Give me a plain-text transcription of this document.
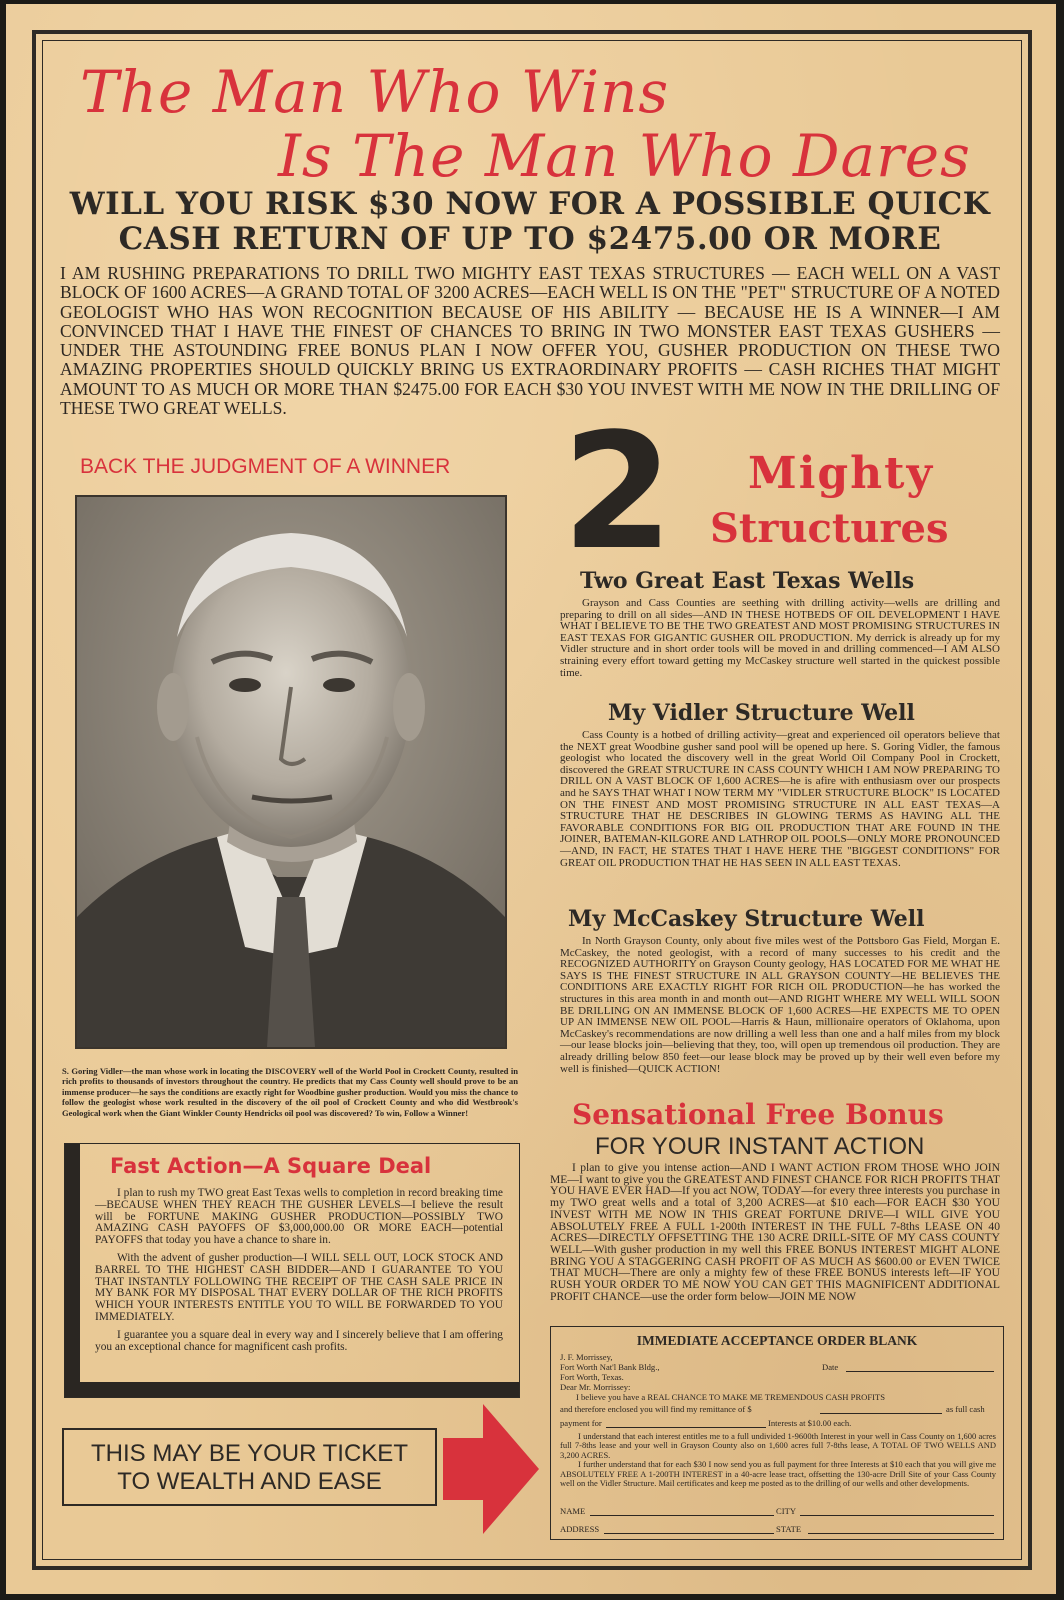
The Man Who Wins
Is The Man Who Dares
WILL YOU RISK $30 NOW FOR A POSSIBLE QUICK
CASH RETURN OF UP TO $2475.00 OR MORE
I AM RUSHING PREPARATIONS TO DRILL TWO MIGHTY EAST TEXAS STRUCTURES — EACH WELL ON A VAST BLOCK OF 1600 ACRES—A GRAND TOTAL OF 3200 ACRES—EACH WELL IS ON THE "PET" STRUCTURE OF A NOTED GEOLOGIST WHO HAS WON RECOGNITION BECAUSE OF HIS ABILITY — BECAUSE HE IS A WINNER—I AM CONVINCED THAT I HAVE THE FINEST OF CHANCES TO BRING IN TWO MONSTER EAST TEXAS GUSHERS — UNDER THE ASTOUNDING FREE BONUS PLAN I NOW OFFER YOU, GUSHER PRODUCTION ON THESE TWO AMAZING PROPERTIES SHOULD QUICKLY BRING US EXTRAORDINARY PROFITS — CASH RICHES THAT MIGHT AMOUNT TO AS MUCH OR MORE THAN $2475.00 FOR EACH $30 YOU INVEST WITH ME NOW IN THE DRILLING OF THESE TWO GREAT WELLS.
BACK THE JUDGMENT OF A WINNER
S. Goring Vidler—the man whose work in locating the DISCOVERY well of the World Pool in Crockett County, resulted in rich profits to thousands of investors throughout the country. He predicts that my Cass County well should prove to be an immense producer—he says the conditions are exactly right for Woodbine gusher production. Would you miss the chance to follow the geologist whose work resulted in the discovery of the oil pool of Crockett County and who did Westbrook's Geological work when the Giant Winkler County Hendricks oil pool was discovered? To win, Follow a Winner!
2 Mighty
Structures
Two Great East Texas Wells

Grayson and Cass Counties are seething with drilling activity—wells are drilling and preparing to drill on all sides—AND IN THESE HOTBEDS OF OIL DEVELOPMENT I HAVE WHAT I BELIEVE TO BE THE TWO GREATEST AND MOST PROMISING STRUCTURES IN EAST TEXAS FOR GIGANTIC GUSHER OIL PRODUCTION. My derrick is already up for my Vidler structure and in short order tools will be moved in and drilling commenced—I AM ALSO straining every effort toward getting my McCaskey structure well started in the quickest possible time.

My Vidler Structure Well

Cass County is a hotbed of drilling activity—great and experienced oil operators believe that the NEXT great Woodbine gusher sand pool will be opened up here. S. Goring Vidler, the famous geologist who located the discovery well in the great World Oil Company Pool in Crockett, discovered the GREAT STRUCTURE IN CASS COUNTY WHICH I AM NOW PREPARING TO DRILL ON A VAST BLOCK OF 1,600 ACRES—he is afire with enthusiasm over our prospects and he SAYS THAT WHAT I NOW TERM MY "VIDLER STRUCTURE BLOCK" IS LOCATED ON THE FINEST AND MOST PROMISING STRUCTURE IN ALL EAST TEXAS—A STRUCTURE THAT HE DESCRIBES IN GLOWING TERMS AS HAVING ALL THE FAVORABLE CONDITIONS FOR BIG OIL PRODUCTION THAT ARE FOUND IN THE JOINER, BATEMAN-KILGORE AND LATHROP OIL POOLS—ONLY MORE PRONOUNCED—AND, IN FACT, HE STATES THAT I HAVE HERE THE "BIGGEST CONDITIONS" FOR GREAT OIL PRODUCTION THAT HE HAS SEEN IN ALL EAST TEXAS.

My McCaskey Structure Well

In North Grayson County, only about five miles west of the Pottsboro Gas Field, Morgan E. McCaskey, the noted geologist, with a record of many successes to his credit and the RECOGNIZED AUTHORITY on Grayson County geology, HAS LOCATED FOR ME WHAT HE SAYS IS THE FINEST STRUCTURE IN ALL GRAYSON COUNTY—HE BELIEVES THE CONDITIONS ARE EXACTLY RIGHT FOR RICH OIL PRODUCTION—he has worked the structures in this area month in and month out—AND RIGHT WHERE MY WELL WILL SOON BE DRILLING ON AN IMMENSE BLOCK OF 1,600 ACRES—HE EXPECTS ME TO OPEN UP AN IMMENSE NEW OIL POOL—Harris & Haun, millionaire operators of Oklahoma, upon McCaskey's recommendations are now drilling a well less than one and a half miles from my block—our lease blocks join—believing that they, too, will open up tremendous oil production. They are already drilling below 850 feet—our lease block may be proved up by their well even before my well is finished—QUICK ACTION!

Sensational Free Bonus
FOR YOUR INSTANT ACTION

I plan to give you intense action—AND I WANT ACTION FROM THOSE WHO JOIN ME—I want to give you the GREATEST AND FINEST CHANCE FOR RICH PROFITS THAT YOU HAVE EVER HAD—If you act NOW, TODAY—for every three interests you purchase in my TWO great wells and a total of 3,200 ACRES—at $10 each—FOR EACH $30 YOU INVEST WITH ME NOW IN THIS GREAT FORTUNE DRIVE—I WILL GIVE YOU ABSOLUTELY FREE A FULL 1-200th INTEREST IN THE FULL 7-8ths LEASE ON 40 ACRES—DIRECTLY OFFSETTING THE 130 ACRE DRILL-SITE OF MY CASS COUNTY WELL—With gusher production in my well this FREE BONUS INTEREST MIGHT ALONE BRING YOU A STAGGERING CASH PROFIT OF AS MUCH AS $600.00 or EVEN TWICE THAT MUCH—There are only a mighty few of these FREE BONUS interests left—IF YOU RUSH YOUR ORDER TO ME NOW YOU CAN GET THIS MAGNIFICENT ADDITIONAL PROFIT CHANCE—use the order form below—JOIN ME NOW

Fast Action—A Square Deal

I plan to rush my TWO great East Texas wells to completion in record breaking time—BECAUSE WHEN THEY REACH THE GUSHER LEVELS—I believe the result will be FORTUNE MAKING GUSHER PRODUCTION—POSSIBLY TWO AMAZING CASH PAYOFFS OF $3,000,000.00 OR MORE EACH—potential PAYOFFS that today you have a chance to share in.

With the advent of gusher production—I WILL SELL OUT, LOCK STOCK AND BARREL TO THE HIGHEST CASH BIDDER—AND I GUARANTEE TO YOU THAT INSTANTLY FOLLOWING THE RECEIPT OF THE CASH SALE PRICE IN MY BANK FOR MY DISPOSAL THAT EVERY DOLLAR OF THE RICH PROFITS WHICH YOUR INTERESTS ENTITLE YOU TO WILL BE FORWARDED TO YOU IMMEDIATELY.

I guarantee you a square deal in every way and I sincerely believe that I am offering you an exceptional chance for magnificent cash profits.

THIS MAY BE YOUR TICKET
TO WEALTH AND EASE
IMMEDIATE ACCEPTANCE ORDER BLANK
J. F. Morrissey,
Fort Worth Nat'l Bank Bldg.,
Fort Worth, Texas.
Dear Mr. Morrissey:
Date
I believe you have a REAL CHANCE TO MAKE ME TREMENDOUS CASH PROFITS
and therefore enclosed you will find my remittance of $	as full cash
payment for	Interests at $10.00 each.

I understand that each interest entitles me to a full undivided 1-9600th Interest in your well in Cass County on 1,600 acres full 7-8ths lease and your well in Grayson County also on 1,600 acres full 7-8ths lease, A TOTAL OF TWO WELLS AND 3,200 ACRES.

I further understand that for each $30 I now send you as full payment for three Interests at $10 each that you will give me ABSOLUTELY FREE A 1-200TH INTEREST in a 40-acre lease tract, offsetting the 130-acre Drill Site of your Cass County well on the Vidler Structure. Mail certificates and keep me posted as to the drilling of our wells and other developments.

NAME	CITY
ADDRESS	STATE
